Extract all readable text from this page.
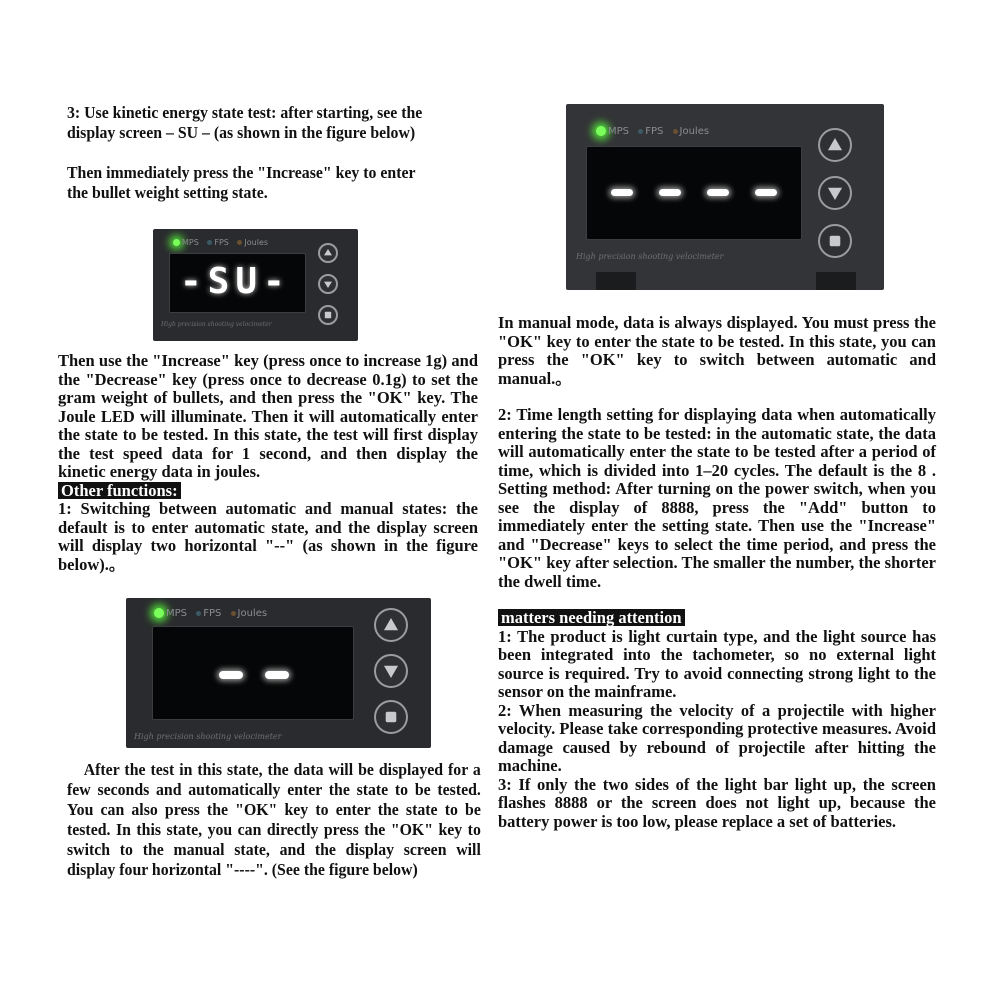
3: Use kinetic energy state test: after starting, see the

display screen – SU – (as shown in the figure below)

Then immediately press the "Increase" key to enter

the bullet weight setting state.

MPS FPS Joules
-SU-
High precision shooting velocimeter

Then use the "Increase" key (press once to increase 1g) and the "Decrease" key (press once to decrease 0.1g) to set the gram weight of bullets, and then press the "OK" key. The Joule LED will illuminate. Then it will automatically enter the state to be tested. In this state, the test will first display the test speed data for 1 second, and then display the kinetic energy data in joules.

Other functions:

1: Switching between automatic and manual states: the default is to enter automatic state, and the display screen will display two horizontal "--" (as shown in the figure below).。

MPS FPS Joules
High precision shooting velocimeter

After the test in this state, the data will be displayed for a few seconds and automatically enter the state to be tested. You can also press the "OK" key to enter the state to be tested. In this state, you can directly press the "OK" key to switch to the manual state, and the display screen will display four horizontal "----". (See the figure below)

MPS FPS Joules
High precision shooting velocimeter

In manual mode, data is always displayed. You must press the "OK" key to enter the state to be tested. In this state, you can press the "OK" key to switch between automatic and manual.。

2: Time length setting for displaying data when automatically entering the state to be tested: in the automatic state, the data will automatically enter the state to be tested after a period of time, which is divided into 1–20 cycles. The default is the 8 . Setting method: After turning on the power switch, when you see the display of 8888, press the "Add" button to immediately enter the setting state. Then use the "Increase" and "Decrease" keys to select the time period, and press the "OK" key after selection. The smaller the number, the shorter the dwell time.

matters needing attention

1: The product is light curtain type, and the light source has been integrated into the tachometer, so no external light source is required. Try to avoid connecting strong light to the sensor on the mainframe.

2: When measuring the velocity of a projectile with higher velocity. Please take corresponding protective measures. Avoid damage caused by rebound of projectile after hitting the machine.

3: If only the two sides of the light bar light up, the screen flashes 8888 or the screen does not light up, because the battery power is too low, please replace a set of batteries.
